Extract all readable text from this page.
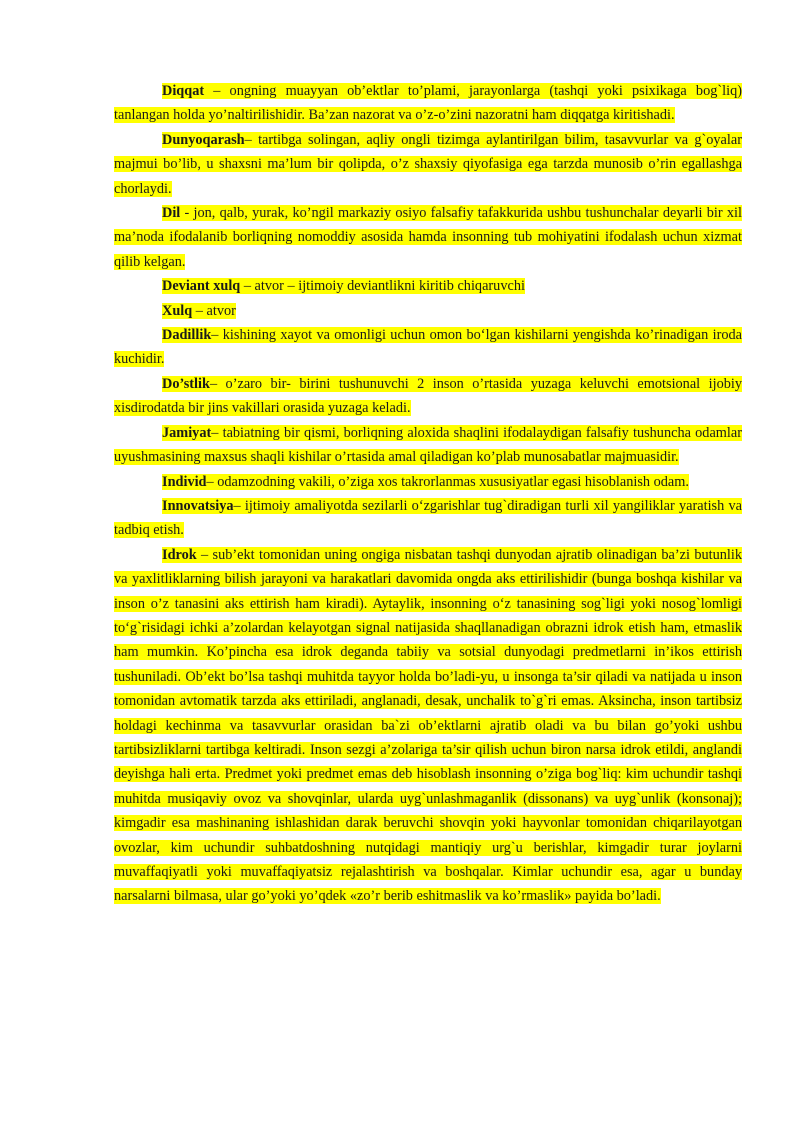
Diqqat – ongning muayyan ob’ektlar to’plami, jarayonlarga (tashqi yoki psixikaga bog`liq) tanlangan holda yo’naltirilishidir. Ba’zan nazorat va o’z-o’zini nazoratni ham diqqatga kiritishadi.

Dunyoqarash– tartibga solingan, aqliy ongli tizimga aylantirilgan bilim, tasavvurlar va g`oyalar majmui bo’lib, u shaxsni ma’lum bir qolipda, o’z shaxsiy qiyofasiga ega tarzda munosib o’rin egallashga chorlaydi.

Dil - jon, qalb, yurak, ko’ngil markaziy osiyo falsafiy tafakkurida ushbu tushunchalar deyarli bir xil ma’noda ifodalanib borliqning nomoddiy asosida hamda insonning tub mohiyatini ifodalash uchun xizmat qilib kelgan.

Deviant xulq – atvor – ijtimoiy deviantlikni kiritib chiqaruvchi

Xulq – atvor

Dadillik– kishining xayot va omonligi uchun omon bo‘lgan kishilarni yengishda ko’rinadigan iroda kuchidir.

Do’stlik– o’zaro bir- birini tushunuvchi 2 inson o’rtasida yuzaga keluvchi emotsional ijobiy xisdirodatda bir jins vakillari orasida yuzaga keladi.

Jamiyat– tabiatning bir qismi, borliqning aloxida shaqlini ifodalaydigan falsafiy tushuncha odamlar uyushmasining maxsus shaqli kishilar o’rtasida amal qiladigan ko’plab munosabatlar majmuasidir.

Individ– odamzodning vakili, o’ziga xos takrorlanmas xususiyatlar egasi hisoblanish odam.

Innovatsiya– ijtimoiy amaliyotda sezilarli o‘zgarishlar tug`diradigan turli xil yangiliklar yaratish va tadbiq etish.

Idrok – sub’ekt tomonidan uning ongiga nisbatan tashqi dunyodan ajratib olinadigan ba’zi butunlik va yaxlitliklarning bilish jarayoni va harakatlari davomida ongda aks ettirilishidir (bunga boshqa kishilar va inson o’z tanasini aks ettirish ham kiradi). Aytaylik, insonning o‘z tanasining sog`ligi yoki nosog`lomligi to‘g`risidagi ichki a’zolardan kelayotgan signal natijasida shaqllanadigan obrazni idrok etish ham, etmaslik ham mumkin. Ko’pincha esa idrok deganda tabiiy va sotsial dunyodagi predmetlarni in’ikos ettirish tushuniladi. Ob’ekt bo’lsa tashqi muhitda tayyor holda bo’ladi-yu, u insonga ta’sir qiladi va natijada u inson tomonidan avtomatik tarzda aks ettiriladi, anglanadi, desak, unchalik to`g`ri emas. Aksincha, inson tartibsiz holdagi kechinma va tasavvurlar orasidan ba`zi ob’ektlarni ajratib oladi va bu bilan go’yoki ushbu tartibsizliklarni tartibga keltiradi. Inson sezgi a’zolariga ta’sir qilish uchun biron narsa idrok etildi, anglandi deyishga hali erta. Predmet yoki predmet emas deb hisoblash insonning o’ziga bog`liq: kim uchundir tashqi muhitda musiqaviy ovoz va shovqinlar, ularda uyg`unlashmaganlik (dissonans) va uyg`unlik (konsonaj); kimgadir esa mashinaning ishlashidan darak beruvchi shovqin yoki hayvonlar tomonidan chiqarilayotgan ovozlar, kim uchundir suhbatdoshning nutqidagi mantiqiy urg`u berishlar, kimgadir turar joylarni muvaffaqiyatli yoki muvaffaqiyatsiz rejalashtirish va boshqalar. Kimlar uchundir esa, agar u bunday narsalarni bilmasa, ular go’yoki yo’qdek «zo’r berib eshitmaslik va ko’rmaslik» payida bo’ladi.
